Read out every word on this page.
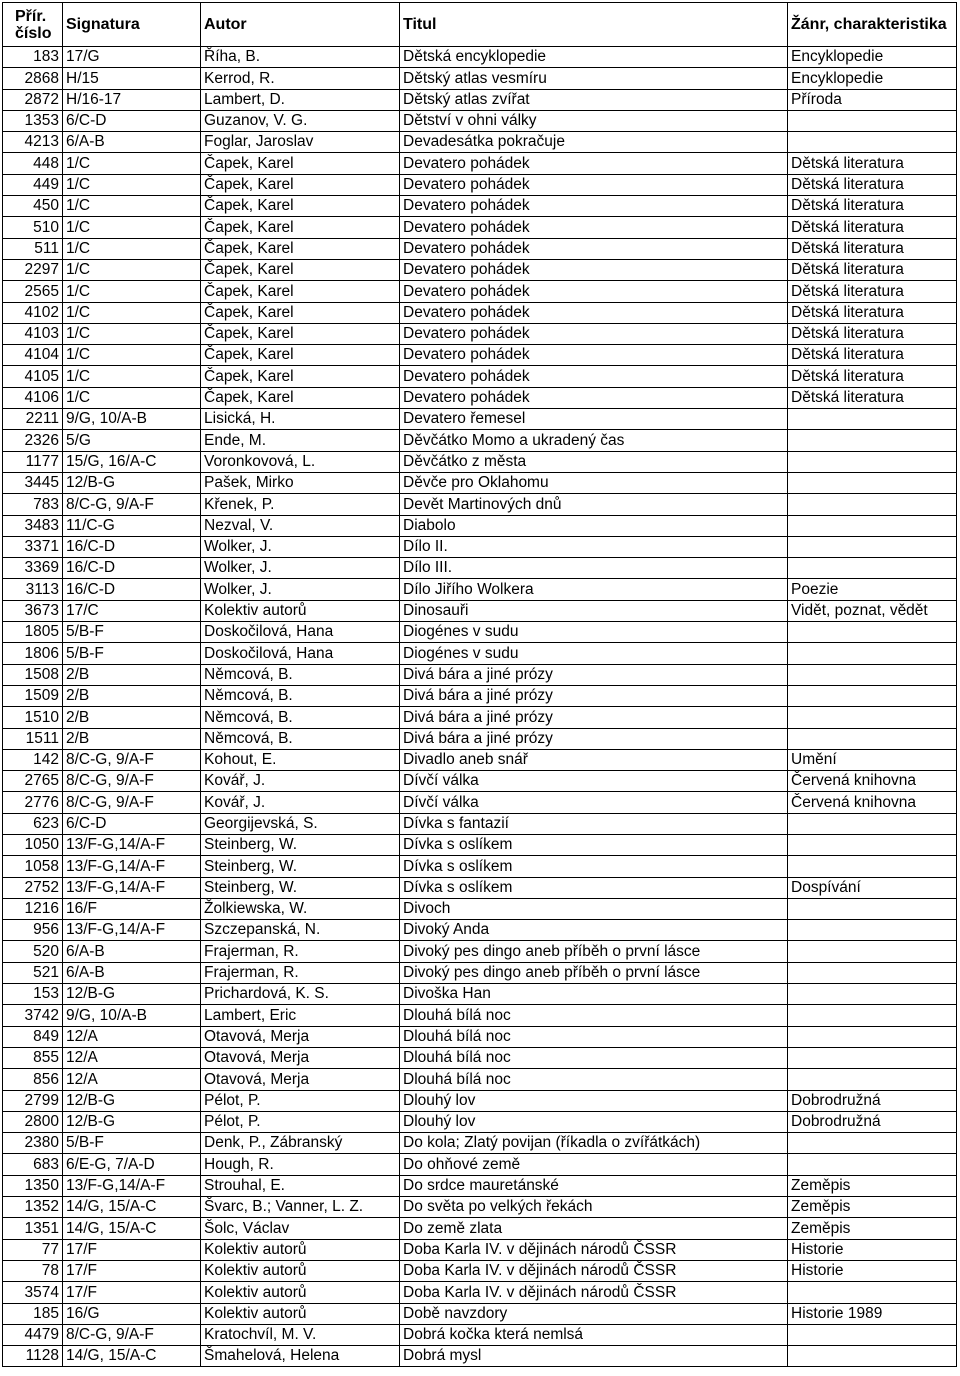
Přír. číslo	Signatura	Autor	Titul	Žánr, charakteristika
183	17/G	Říha, B.	Dětská encyklopedie	Encyklopedie
2868	H/15	Kerrod, R.	Dětský atlas vesmíru	Encyklopedie
2872	H/16-17	Lambert, D.	Dětský atlas zvířat	Příroda
1353	6/C-D	Guzanov, V. G.	Dětství v ohni války	
4213	6/A-B	Foglar, Jaroslav	Devadesátka pokračuje	
448	1/C	Čapek, Karel	Devatero pohádek	Dětská literatura
449	1/C	Čapek, Karel	Devatero pohádek	Dětská literatura
450	1/C	Čapek, Karel	Devatero pohádek	Dětská literatura
510	1/C	Čapek, Karel	Devatero pohádek	Dětská literatura
511	1/C	Čapek, Karel	Devatero pohádek	Dětská literatura
2297	1/C	Čapek, Karel	Devatero pohádek	Dětská literatura
2565	1/C	Čapek, Karel	Devatero pohádek	Dětská literatura
4102	1/C	Čapek, Karel	Devatero pohádek	Dětská literatura
4103	1/C	Čapek, Karel	Devatero pohádek	Dětská literatura
4104	1/C	Čapek, Karel	Devatero pohádek	Dětská literatura
4105	1/C	Čapek, Karel	Devatero pohádek	Dětská literatura
4106	1/C	Čapek, Karel	Devatero pohádek	Dětská literatura
2211	9/G, 10/A-B	Lisická, H.	Devatero řemesel	
2326	5/G	Ende, M.	Děvčátko Momo a ukradený čas	
1177	15/G, 16/A-C	Voronkovová, L.	Děvčátko z města	
3445	12/B-G	Pašek, Mirko	Děvče pro Oklahomu	
783	8/C-G, 9/A-F	Křenek, P.	Devět Martinových dnů	
3483	11/C-G	Nezval, V.	Diabolo	
3371	16/C-D	Wolker, J.	Dílo II.	
3369	16/C-D	Wolker, J.	Dílo III.	
3113	16/C-D	Wolker, J.	Dílo Jiřího Wolkera	Poezie
3673	17/C	Kolektiv autorů	Dinosauři	Vidět, poznat, vědět
1805	5/B-F	Doskočilová, Hana	Diogénes v sudu	
1806	5/B-F	Doskočilová, Hana	Diogénes v sudu	
1508	2/B	Němcová, B.	Divá bára a jiné prózy	
1509	2/B	Němcová, B.	Divá bára a jiné prózy	
1510	2/B	Němcová, B.	Divá bára a jiné prózy	
1511	2/B	Němcová, B.	Divá bára a jiné prózy	
142	8/C-G, 9/A-F	Kohout, E.	Divadlo aneb snář	Umění
2765	8/C-G, 9/A-F	Kovář, J.	Dívčí válka	Červená knihovna
2776	8/C-G, 9/A-F	Kovář, J.	Dívčí válka	Červená knihovna
623	6/C-D	Georgijevská, S.	Dívka s fantazií	
1050	13/F-G,14/A-F	Steinberg, W.	Dívka s oslíkem	
1058	13/F-G,14/A-F	Steinberg, W.	Dívka s oslíkem	
2752	13/F-G,14/A-F	Steinberg, W.	Dívka s oslíkem	Dospívání
1216	16/F	Žolkiewska, W.	Divoch	
956	13/F-G,14/A-F	Szczepanská, N.	Divoký Anda	
520	6/A-B	Frajerman, R.	Divoký pes dingo aneb příběh o první lásce	
521	6/A-B	Frajerman, R.	Divoký pes dingo aneb příběh o první lásce	
153	12/B-G	Prichardová, K. S.	Divoška Han	
3742	9/G, 10/A-B	Lambert, Eric	Dlouhá bílá noc	
849	12/A	Otavová, Merja	Dlouhá bílá noc	
855	12/A	Otavová, Merja	Dlouhá bílá noc	
856	12/A	Otavová, Merja	Dlouhá bílá noc	
2799	12/B-G	Pélot, P.	Dlouhý lov	Dobrodružná
2800	12/B-G	Pélot, P.	Dlouhý lov	Dobrodružná
2380	5/B-F	Denk, P., Zábranský	Do kola; Zlatý povijan (říkadla o zvířátkách)	
683	6/E-G, 7/A-D	Hough, R.	Do ohňové země	
1350	13/F-G,14/A-F	Strouhal, E.	Do srdce mauretánské	Zeměpis
1352	14/G, 15/A-C	Švarc, B.; Vanner, L. Z.	Do světa po velkých řekách	Zeměpis
1351	14/G, 15/A-C	Šolc, Václav	Do země zlata	Zeměpis
77	17/F	Kolektiv autorů	Doba Karla IV. v dějinách národů ČSSR	Historie
78	17/F	Kolektiv autorů	Doba Karla IV. v dějinách národů ČSSR	Historie
3574	17/F	Kolektiv autorů	Doba Karla IV. v dějinách národů ČSSR	
185	16/G	Kolektiv autorů	Době navzdory	Historie 1989
4479	8/C-G, 9/A-F	Kratochvíl, M. V.	Dobrá kočka která nemlsá	
1128	14/G, 15/A-C	Šmahelová, Helena	Dobrá mysl	
